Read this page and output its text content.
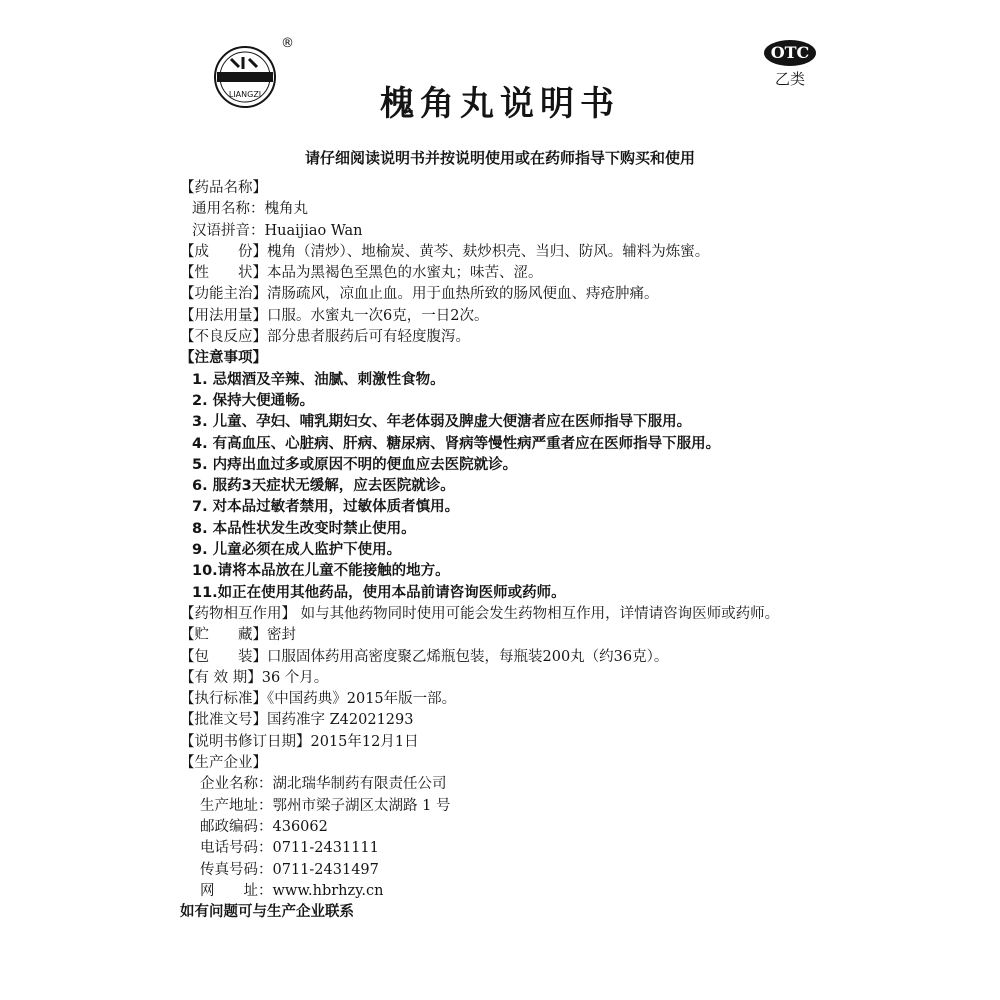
LIANGZI
®	OTC
乙类
槐角丸说明书
请仔细阅读说明书并按说明使用或在药师指导下购买和使用
【药品名称】
通用名称：槐角丸
汉语拼音：Huaijiao Wan
【成　　份】槐角（清炒）、地榆炭、黄芩、麸炒枳壳、当归、防风。辅料为炼蜜。
【性　　状】本品为黑褐色至黑色的水蜜丸；味苦、涩。
【功能主治】清肠疏风，凉血止血。用于血热所致的肠风便血、痔疮肿痛。
【用法用量】口服。水蜜丸一次6克，一日2次。
【不良反应】部分患者服药后可有轻度腹泻。
【注意事项】
1. 忌烟酒及辛辣、油腻、刺激性食物。
2. 保持大便通畅。
3. 儿童、孕妇、哺乳期妇女、年老体弱及脾虚大便溏者应在医师指导下服用。
4. 有高血压、心脏病、肝病、糖尿病、肾病等慢性病严重者应在医师指导下服用。
5. 内痔出血过多或原因不明的便血应去医院就诊。
6. 服药3天症状无缓解，应去医院就诊。
7. 对本品过敏者禁用，过敏体质者慎用。
8. 本品性状发生改变时禁止使用。
9. 儿童必须在成人监护下使用。
10.请将本品放在儿童不能接触的地方。
11.如正在使用其他药品，使用本品前请咨询医师或药师。
【药物相互作用】 如与其他药物同时使用可能会发生药物相互作用，详情请咨询医师或药师。
【贮　　藏】密封
【包　　装】口服固体药用高密度聚乙烯瓶包装，每瓶装200丸（约36克）。
【有 效 期】36 个月。
【执行标准】《中国药典》2015年版一部。
【批准文号】国药准字 Z42021293
【说明书修订日期】2015年12月1日
【生产企业】
企业名称：湖北瑞华制药有限责任公司
生产地址：鄂州市梁子湖区太湖路 1 号
邮政编码：436062
电话号码：0711-2431111
传真号码：0711-2431497
网　　址：www.hbrhzy.cn
如有问题可与生产企业联系
